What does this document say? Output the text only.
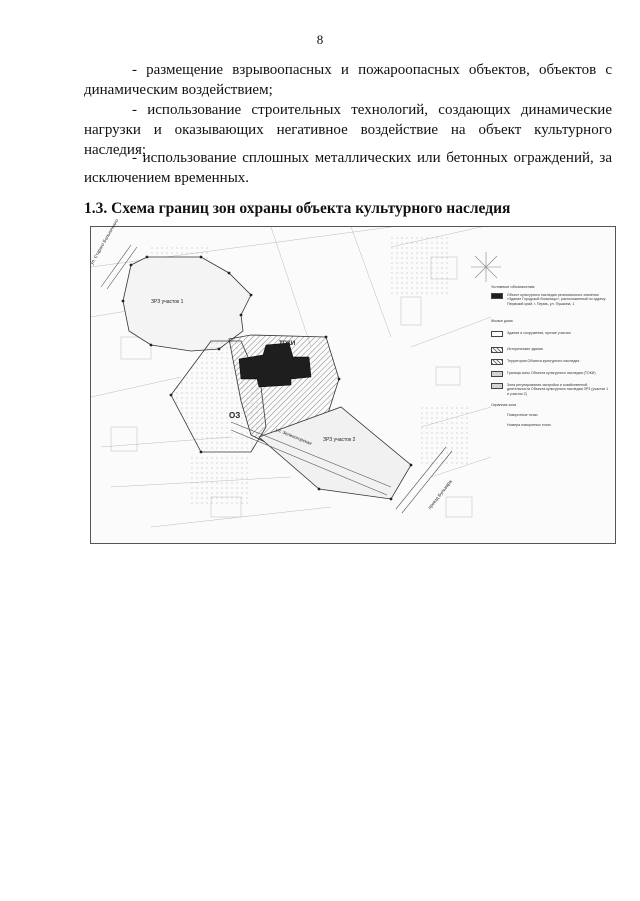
8
- размещение взрывоопасных и пожароопасных объектов, объектов с динамическим воздействием;
- использование строительных технологий, создающих динамические нагрузки и оказывающих негативное воздействие на объект культурного наследия;
- использование сплошных металлических или бетонных ограждений, за исключением временных.
1.3. Схема границ зон охраны объекта культурного наследия
ТОКИ
ОЗ
ЗРЗ участок 1
ЗРЗ участок 2
ул. Старого Больничного
ул. Зеленогорская
проезд Бульвара
Условные обозначения:
Объект культурного наследия регионального значения «Здание Городской больницы», расположенный по адресу: Пермский край, г. Пермь, ул. Пушкина, 1
Жилые дома
Здания и сооружения, прочие участки
Исторические здания
Территория Объекта культурного наследия
Граница зоны Объекта культурного наследия (ТОКИ)
Зона регулирования застройки и хозяйственной деятельности Объекта культурного наследия ЗРЗ (участки 1 и участок 2)
Охранная зона
Поворотные точки
Номера поворотных точек
